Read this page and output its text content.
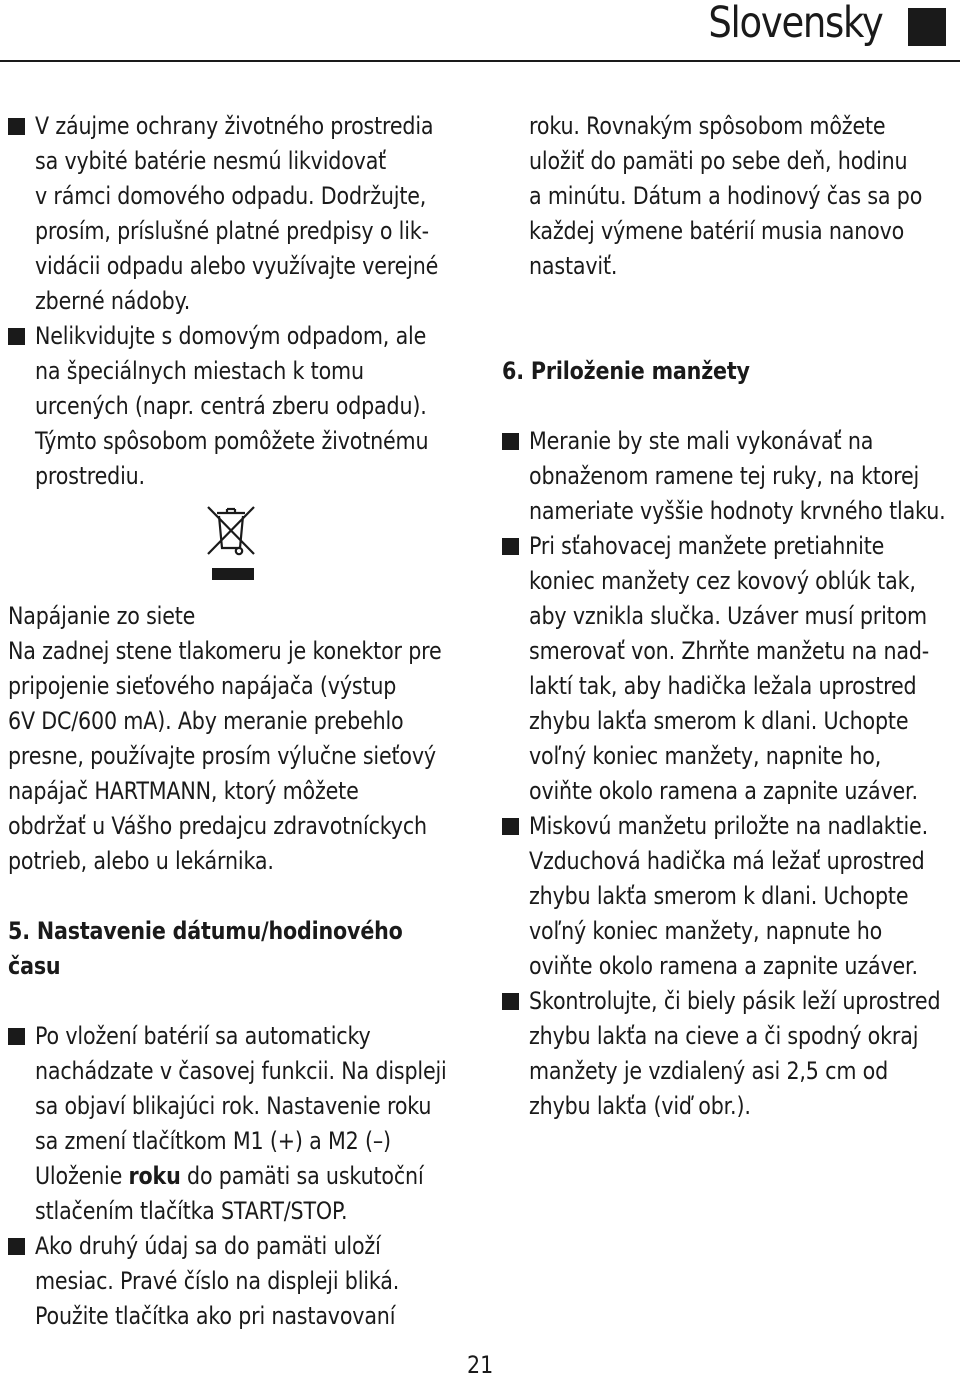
Slovensky
V záujme ochrany životného prostredia
sa vybité batérie nesmú likvidovať
v rámci domového odpadu. Dodržujte,
prosím, príslušné platné predpisy o lik-
vidácii odpadu alebo využívajte verejné
zberné nádoby.
Nelikvidujte s domovým odpadom, ale
na špeciálnych miestach k tomu
urcených (napr. centrá zberu odpadu).
Týmto spôsobom pomôžete životnému
prostrediu.
Napájanie zo siete
Na zadnej stene tlakomeru je konektor pre
pripojenie sieťového napájača (výstup
6V DC/600 mA). Aby meranie prebehlo
presne, používajte prosím výlučne sieťový
napájač HARTMANN, ktorý môžete
obdržať u Vášho predajcu zdravotníckych
potrieb, alebo u lekárnika.
5. Nastavenie dátumu/hodinového
času
Po vložení batérií sa automaticky
nachádzate v časovej funkcii. Na displeji
sa objaví blikajúci rok. Nastavenie roku
sa zmení tlačítkom M1 (+) a M2 (–)
Uloženie roku do pamäti sa uskutoční
stlačením tlačítka START/STOP.
Ako druhý údaj sa do pamäti uloží
mesiac. Pravé číslo na displeji bliká.
Použite tlačítka ako pri nastavovaní
roku. Rovnakým spôsobom môžete
uložiť do pamäti po sebe deň, hodinu
a minútu. Dátum a hodinový čas sa po
každej výmene batérií musia nanovo
nastaviť.
6. Priloženie manžety
Meranie by ste mali vykonávať na
obnaženom ramene tej ruky, na ktorej
nameriate vyššie hodnoty krvného tlaku.
Pri sťahovacej manžete pretiahnite
koniec manžety cez kovový oblúk tak,
aby vznikla slučka. Uzáver musí pritom
smerovať von. Zhrňte manžetu na nad-
laktí tak, aby hadička ležala uprostred
zhybu lakťa smerom k dlani. Uchopte
voľný koniec manžety, napnite ho,
oviňte okolo ramena a zapnite uzáver.
Miskovú manžetu priložte na nadlaktie.
Vzduchová hadička má ležať uprostred
zhybu lakťa smerom k dlani. Uchopte
voľný koniec manžety, napnute ho
oviňte okolo ramena a zapnite uzáver.
Skontrolujte, či biely pásik leží uprostred
zhybu lakťa na cieve a či spodný okraj
manžety je vzdialený asi 2,5 cm od
zhybu lakťa (viď obr.).
21
